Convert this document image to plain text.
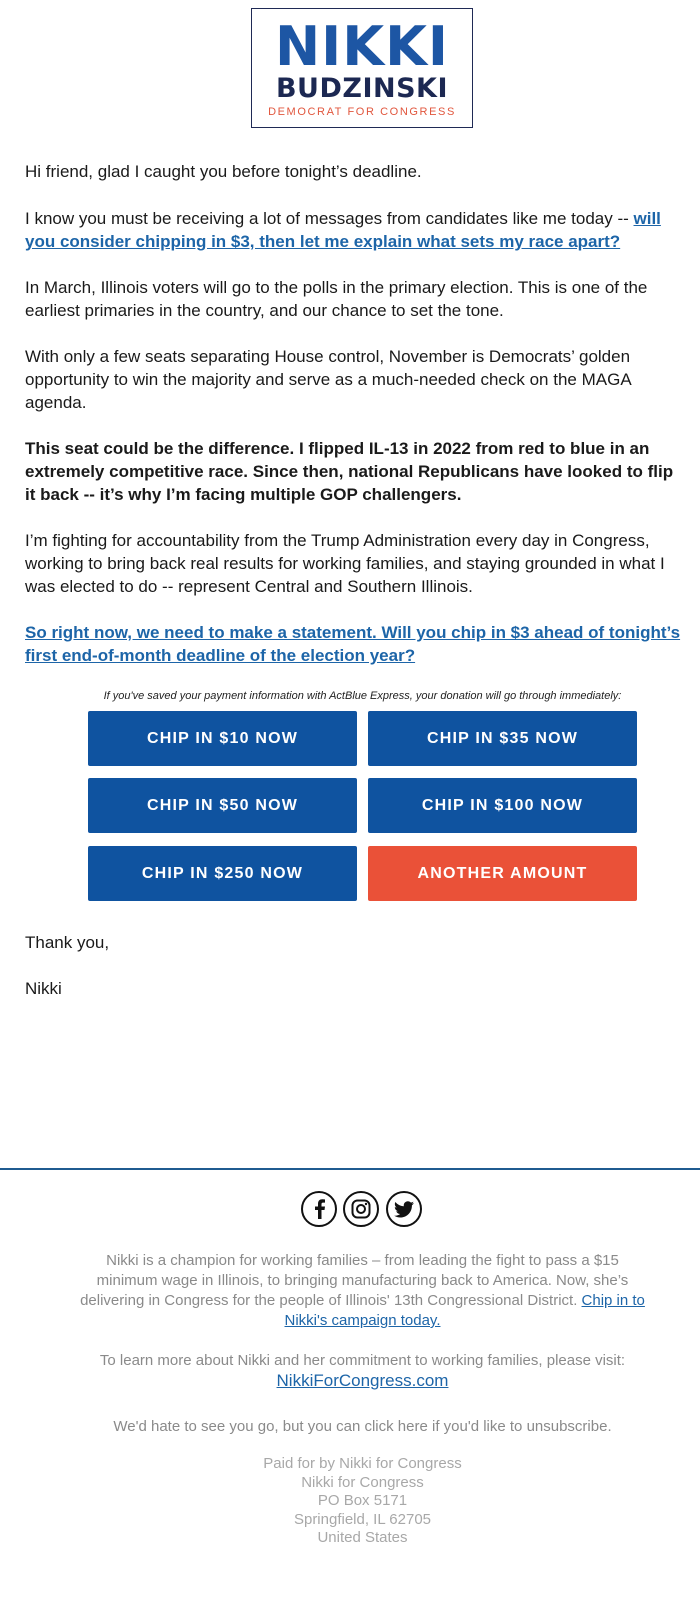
NIKKI
BUDZINSKI
DEMOCRAT FOR CONGRESS

Hi friend, glad I caught you before tonight’s deadline.

I know you must be receiving a lot of messages from candidates like me today -- will you consider chipping in $3, then let me explain what sets my race apart?

In March, Illinois voters will go to the polls in the primary election. This is one of the earliest primaries in the country, and our chance to set the tone.

With only a few seats separating House control, November is Democrats’ golden opportunity to win the majority and serve as a much-needed check on the MAGA agenda.

This seat could be the difference. I flipped IL-13 in 2022 from red to blue in an extremely competitive race. Since then, national Republicans have looked to flip it back -- it’s why I’m facing multiple GOP challengers.

I’m fighting for accountability from the Trump Administration every day in Congress, working to bring back real results for working families, and staying grounded in what I was elected to do -- represent Central and Southern Illinois.

So right now, we need to make a statement. Will you chip in $3 ahead of tonight’s first end-of-month deadline of the election year?

If you've saved your payment information with ActBlue Express, your donation will go through immediately:
CHIP IN $10 NOW	CHIP IN $35 NOW
CHIP IN $50 NOW	CHIP IN $100 NOW
CHIP IN $250 NOW	ANOTHER AMOUNT

Thank you,

Nikki

Nikki is a champion for working families – from leading the fight to pass a $15 minimum wage in Illinois, to bringing manufacturing back to America. Now, she’s delivering in Congress for the people of Illinois' 13th Congressional District. Chip in to Nikki's campaign today.

To learn more about Nikki and her commitment to working families, please visit:
NikkiForCongress.com

We'd hate to see you go, but you can click here if you'd like to unsubscribe.

Paid for by Nikki for Congress
Nikki for Congress
PO Box 5171
Springfield, IL 62705
United States
